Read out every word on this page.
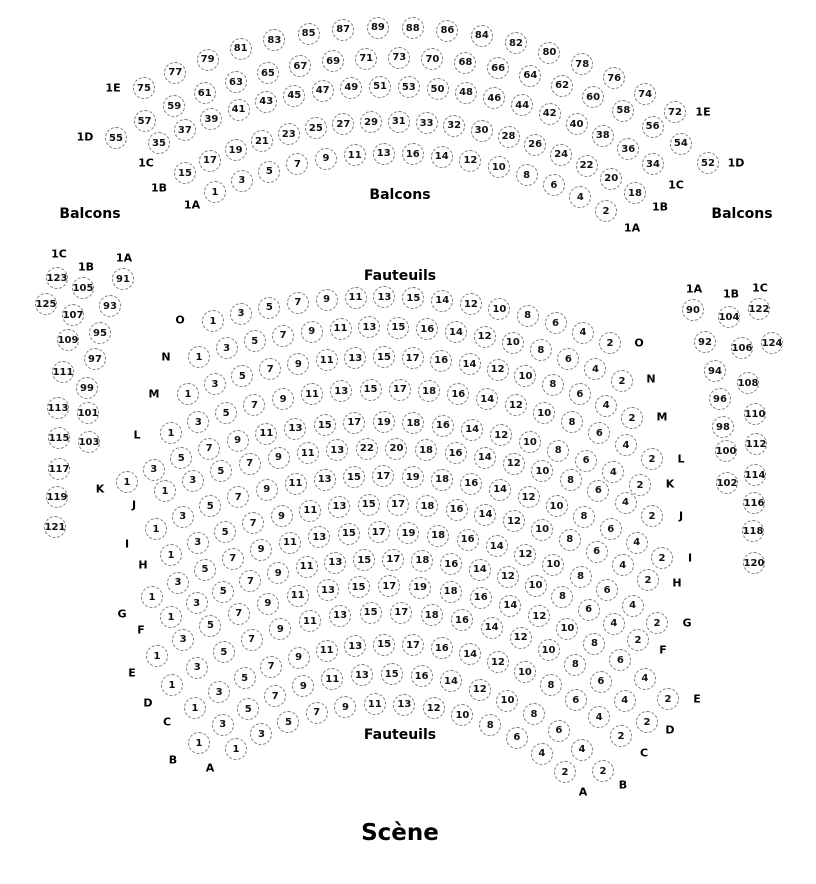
Balcons
Balcons
Balcons
Fauteuils
Fauteuils
Scène
75
77
79
81
83
85	87	89	88	86	84
82
80
78
76
74
72
1E
1E
55
57
59
61
63
65
67	69	71	73	70	68
66
64
62
60
58
56
54
52
1D
1D
35
37
39
41
43
45	47	49	51	53	50	48	46
44
42
40
38
36
34
1C
1C
15
17
19
21
23
25	27	29	31	33	32	30
28
26
24
22
20
18
1B
1B
1
3
5
7	9	11	13	16	14	12
10
8
6
4
2
1A
1A
1
3
5	7	9	11	13	15	14	12	10
8
6
4
2
O
O
1
3
5
7	9	11	13	15	16	14	12
10
8
6
4
2
N
N
1
3
5
7	9	11	13	15	17	16	14	12
10
8
6
4
2
M
M
1
3
5
7
9	11	13	15	17	18	16	14
12
10
8
6
4
2
L
L
1
3
5
7
9
11	13	15	17	19	18	16	14
12
10
8
6
4
2
K	K
1
3
5
7
9	11	13	22	20	18	16	14
12
10
8
6
4
2
J
J
1
3
5
7
9
11	13	15	17	19	18	16
14
12
10
8
6
4
2
I
I
1
3
5
7
9	11	13	15	17	18	16	14
12
10
8
6
4
2
H
H
1
3
5
7
9
11	13	15	17	19	18	16
14
12
10
8
6
4
2
G
G
1
3
5
7
9
11	13	15	17	18	16	14
12
10
8
6
4
2
F
F
1
3
5
7
9
11	13	15	17	19	18
16
14
12
10
8
6
4
2
E
E
1
3
5
7
9
11	13	15	17	18	16
14
12
10
8
6
4
2
D
D
1
3
5
7
9
11	13	15	17	16
14
12
10
8
6
4
2
C
C
1
3
5
7
9
11	13	15	16	14
12
10
8
6
4
2
B
B
1
3
5
7
9	11	13	12
10
8
6
4
2
A
A
1C
123
125
1B
105
107
109
111
113
115
117
119
121
1A
91
93
95
97
99
101
103
1A
90
92
94
96
98
100
102
1B
104
106
108
110
112
114
116
118
120
1C
122
124
